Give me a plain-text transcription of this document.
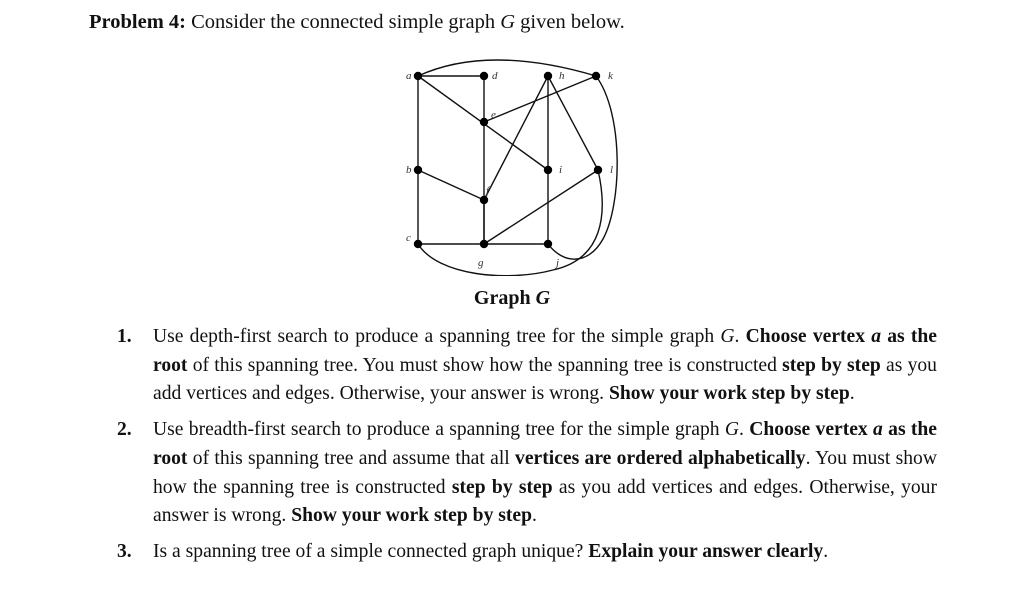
Problem 4: Consider the connected simple graph G given below.
a
b
c
d
e
f
g
h
i
j
k
l
Graph G
1. Use depth-first search to produce a spanning tree for the simple graph G. Choose vertex a as the root of this spanning tree. You must show how the spanning tree is constructed step by step as you add vertices and edges. Otherwise, your answer is wrong. Show your work step by step.
2. Use breadth-first search to produce a spanning tree for the simple graph G. Choose vertex a as the root of this spanning tree and assume that all vertices are ordered alphabetically. You must show how the spanning tree is constructed step by step as you add vertices and edges. Otherwise, your answer is wrong. Show your work step by step.
3. Is a spanning tree of a simple connected graph unique? Explain your answer clearly.
